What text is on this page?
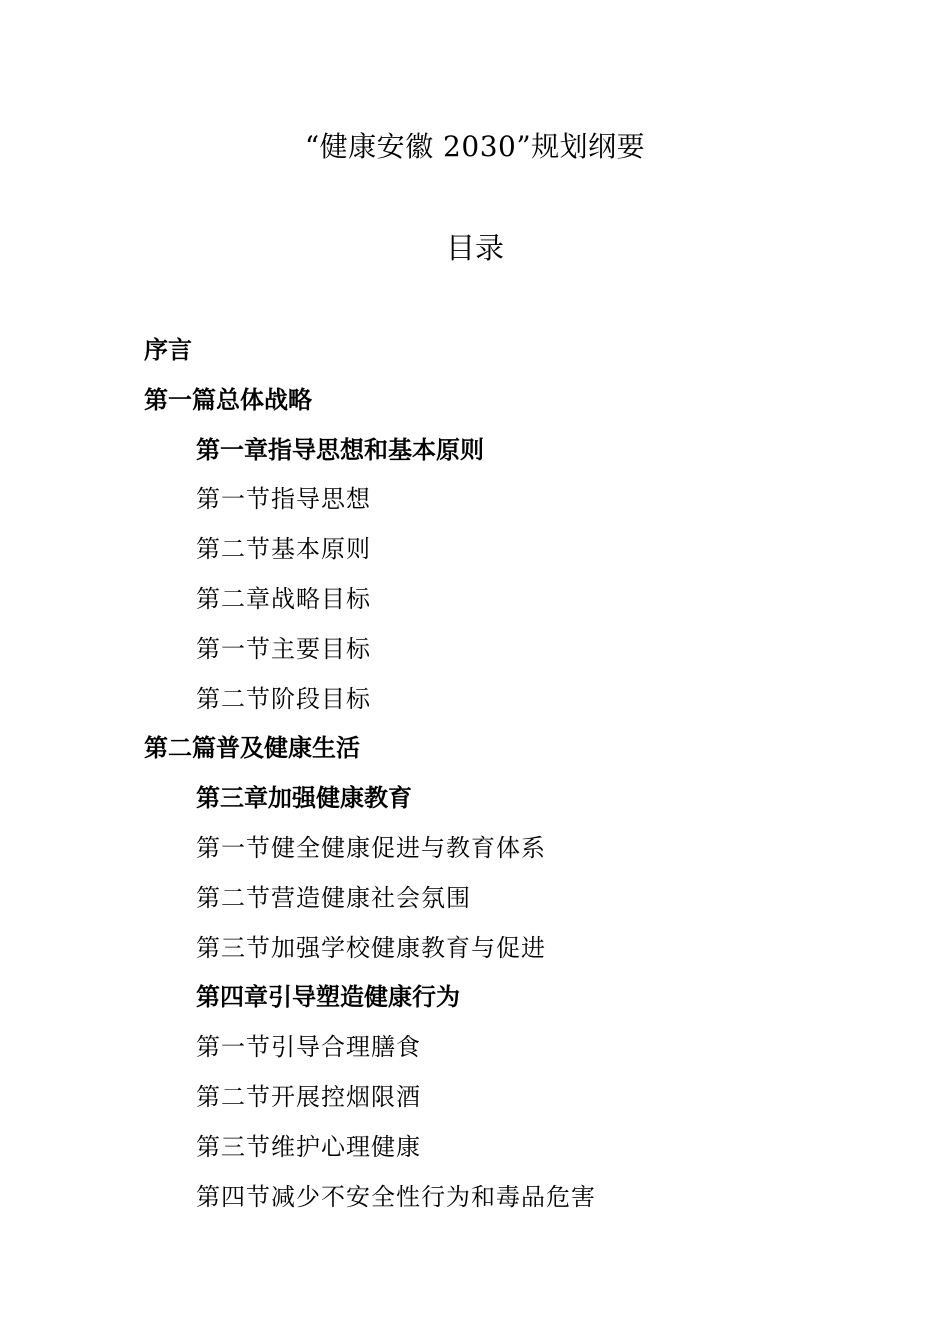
“健康安徽 2030”规划纲要
目录
序言
第一篇总体战略
第一章指导思想和基本原则
第一节指导思想
第二节基本原则
第二章战略目标
第一节主要目标
第二节阶段目标
第二篇普及健康生活
第三章加强健康教育
第一节健全健康促进与教育体系
第二节营造健康社会氛围
第三节加强学校健康教育与促进
第四章引导塑造健康行为
第一节引导合理膳食
第二节开展控烟限酒
第三节维护心理健康
第四节减少不安全性行为和毒品危害
